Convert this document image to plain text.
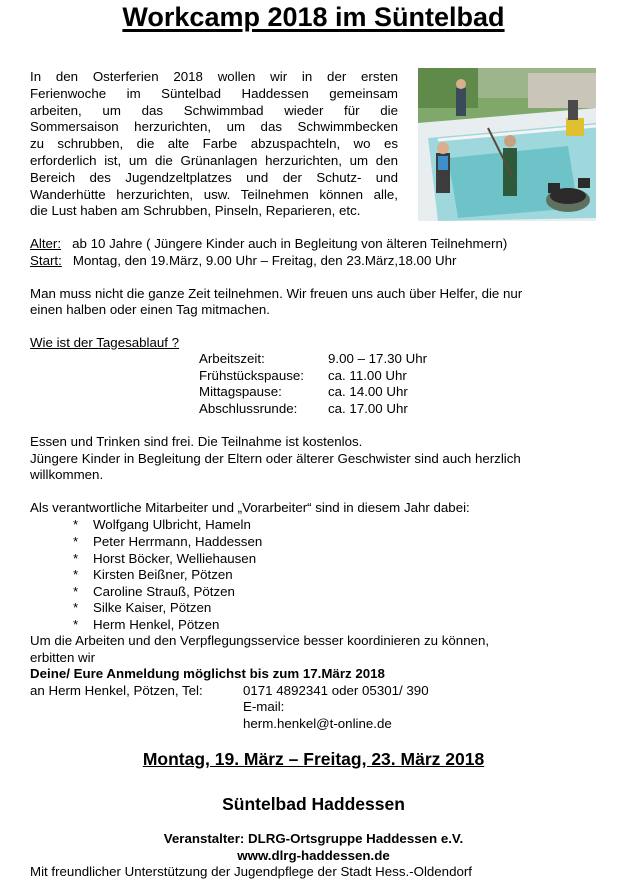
Workcamp 2018 im Süntelbad
In den Osterferien 2018 wollen wir in der ersten
Ferienwoche im Süntelbad Haddessen gemeinsam
arbeiten, um das Schwimmbad wieder für die
Sommersaison herzurichten, um das Schwimmbecken
zu schrubben, die alte Farbe abzuspachteln, wo es
erforderlich ist, um die Grünanlagen herzurichten, um den
Bereich des Jugendzeltplatzes und der Schutz- und
Wanderhütte herzurichten, usw. Teilnehmen können alle,
die Lust haben am Schrubben, Pinseln, Reparieren, etc.
Alter: ab 10 Jahre ( Jüngere Kinder auch in Begleitung von älteren Teilnehmern)
Start: Montag, den 19.März, 9.00 Uhr – Freitag, den 23.März,18.00 Uhr
Man muss nicht die ganze Zeit teilnehmen. Wir freuen uns auch über Helfer, die nur
einen halben oder einen Tag mitmachen.
Wie ist der Tagesablauf ?
Arbeitszeit:	9.00 – 17.30 Uhr
Frühstückspause: ca. 11.00 Uhr
Mittagspause:	ca. 14.00 Uhr
Abschlussrunde: ca. 17.00 Uhr
Essen und Trinken sind frei. Die Teilnahme ist kostenlos.
Jüngere Kinder in Begleitung der Eltern oder älterer Geschwister sind auch herzlich
willkommen.
Als verantwortliche Mitarbeiter und „Vorarbeiter“ sind in diesem Jahr dabei:
* Wolfgang Ulbricht, Hameln
* Peter Herrmann, Haddessen
* Horst Böcker, Welliehausen
* Kirsten Beißner, Pötzen
* Caroline Strauß, Pötzen
* Silke Kaiser, Pötzen
* Herm Henkel, Pötzen
Um die Arbeiten und den Verpflegungsservice besser koordinieren zu können,
erbitten wir
Deine/ Eure Anmeldung möglichst bis zum 17.März 2018
an Herm Henkel, Pötzen, Tel:	0171 4892341 oder 05301/ 390
E-mail:
herm.henkel@t-online.de
Montag, 19. März – Freitag, 23. März 2018
Süntelbad Haddessen
Veranstalter: DLRG-Ortsgruppe Haddessen e.V.
www.dlrg-haddessen.de
Mit freundlicher Unterstützung der Jugendpflege der Stadt Hess.-Oldendorf
